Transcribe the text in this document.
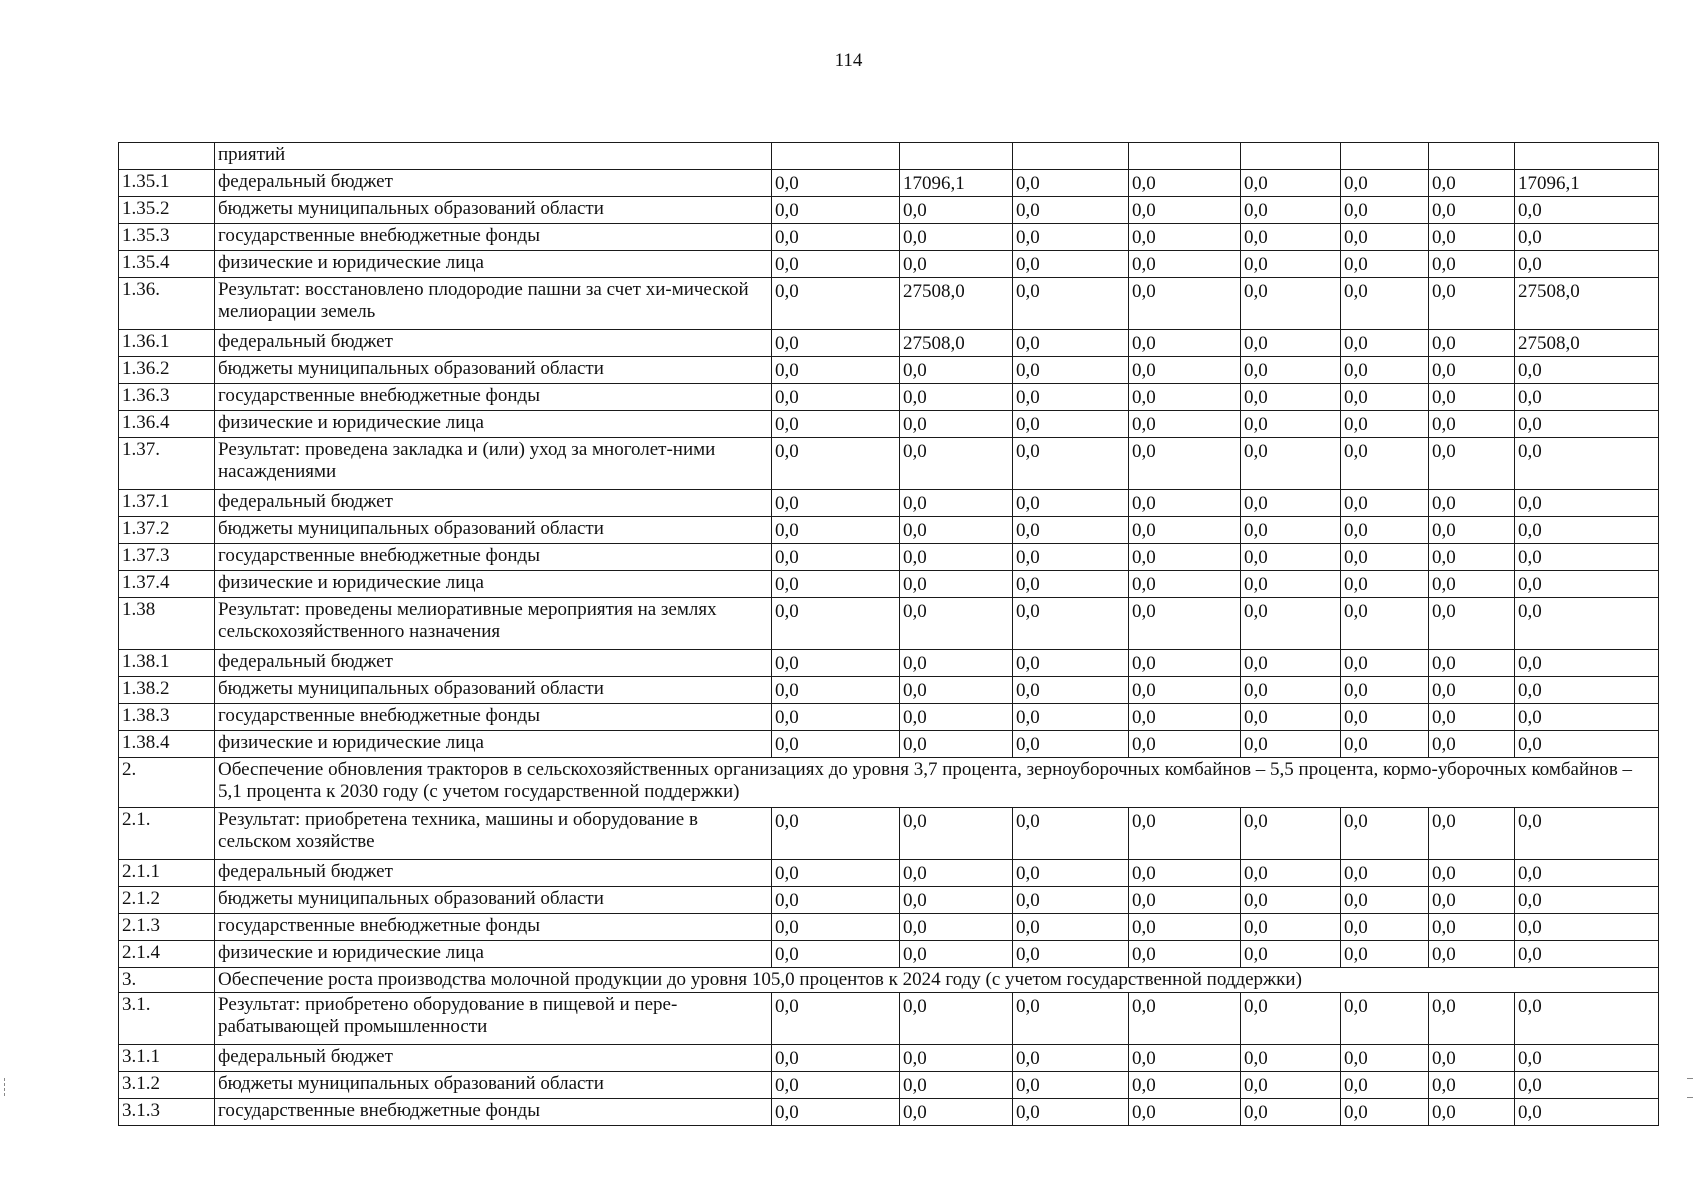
114
	приятий								
1.35.1	федеральный бюджет	0,0	17096,1	0,0	0,0	0,0	0,0	0,0	17096,1
1.35.2	бюджеты муниципальных образований области	0,0	0,0	0,0	0,0	0,0	0,0	0,0	0,0
1.35.3	государственные внебюджетные фонды	0,0	0,0	0,0	0,0	0,0	0,0	0,0	0,0
1.35.4	физические и юридические лица	0,0	0,0	0,0	0,0	0,0	0,0	0,0	0,0
1.36.	Результат: восстановлено плодородие пашни за счет хи-мической мелиорации земель	0,0	27508,0	0,0	0,0	0,0	0,0	0,0	27508,0
1.36.1	федеральный бюджет	0,0	27508,0	0,0	0,0	0,0	0,0	0,0	27508,0
1.36.2	бюджеты муниципальных образований области	0,0	0,0	0,0	0,0	0,0	0,0	0,0	0,0
1.36.3	государственные внебюджетные фонды	0,0	0,0	0,0	0,0	0,0	0,0	0,0	0,0
1.36.4	физические и юридические лица	0,0	0,0	0,0	0,0	0,0	0,0	0,0	0,0
1.37.	Результат: проведена закладка и (или) уход за многолет-ними насаждениями	0,0	0,0	0,0	0,0	0,0	0,0	0,0	0,0
1.37.1	федеральный бюджет	0,0	0,0	0,0	0,0	0,0	0,0	0,0	0,0
1.37.2	бюджеты муниципальных образований области	0,0	0,0	0,0	0,0	0,0	0,0	0,0	0,0
1.37.3	государственные внебюджетные фонды	0,0	0,0	0,0	0,0	0,0	0,0	0,0	0,0
1.37.4	физические и юридические лица	0,0	0,0	0,0	0,0	0,0	0,0	0,0	0,0
1.38	Результат: проведены мелиоративные мероприятия на землях сельскохозяйственного назначения	0,0	0,0	0,0	0,0	0,0	0,0	0,0	0,0
1.38.1	федеральный бюджет	0,0	0,0	0,0	0,0	0,0	0,0	0,0	0,0
1.38.2	бюджеты муниципальных образований области	0,0	0,0	0,0	0,0	0,0	0,0	0,0	0,0
1.38.3	государственные внебюджетные фонды	0,0	0,0	0,0	0,0	0,0	0,0	0,0	0,0
1.38.4	физические и юридические лица	0,0	0,0	0,0	0,0	0,0	0,0	0,0	0,0
2.	Обеспечение обновления тракторов в сельскохозяйственных организациях до уровня 3,7 процента, зерноуборочных комбайнов – 5,5 процента, кормо-уборочных комбайнов – 5,1 процента к 2030 году (с учетом государственной поддержки)								
2.1.	Результат: приобретена техника, машины и оборудование в сельском хозяйстве	0,0	0,0	0,0	0,0	0,0	0,0	0,0	0,0
2.1.1	федеральный бюджет	0,0	0,0	0,0	0,0	0,0	0,0	0,0	0,0
2.1.2	бюджеты муниципальных образований области	0,0	0,0	0,0	0,0	0,0	0,0	0,0	0,0
2.1.3	государственные внебюджетные фонды	0,0	0,0	0,0	0,0	0,0	0,0	0,0	0,0
2.1.4	физические и юридические лица	0,0	0,0	0,0	0,0	0,0	0,0	0,0	0,0
3.	Обеспечение роста производства молочной продукции до уровня 105,0 процентов к 2024 году (с учетом государственной поддержки)								
3.1.	Результат: приобретено оборудование в пищевой и пере-рабатывающей промышленности	0,0	0,0	0,0	0,0	0,0	0,0	0,0	0,0
3.1.1	федеральный бюджет	0,0	0,0	0,0	0,0	0,0	0,0	0,0	0,0
3.1.2	бюджеты муниципальных образований области	0,0	0,0	0,0	0,0	0,0	0,0	0,0	0,0
3.1.3	государственные внебюджетные фонды	0,0	0,0	0,0	0,0	0,0	0,0	0,0	0,0
